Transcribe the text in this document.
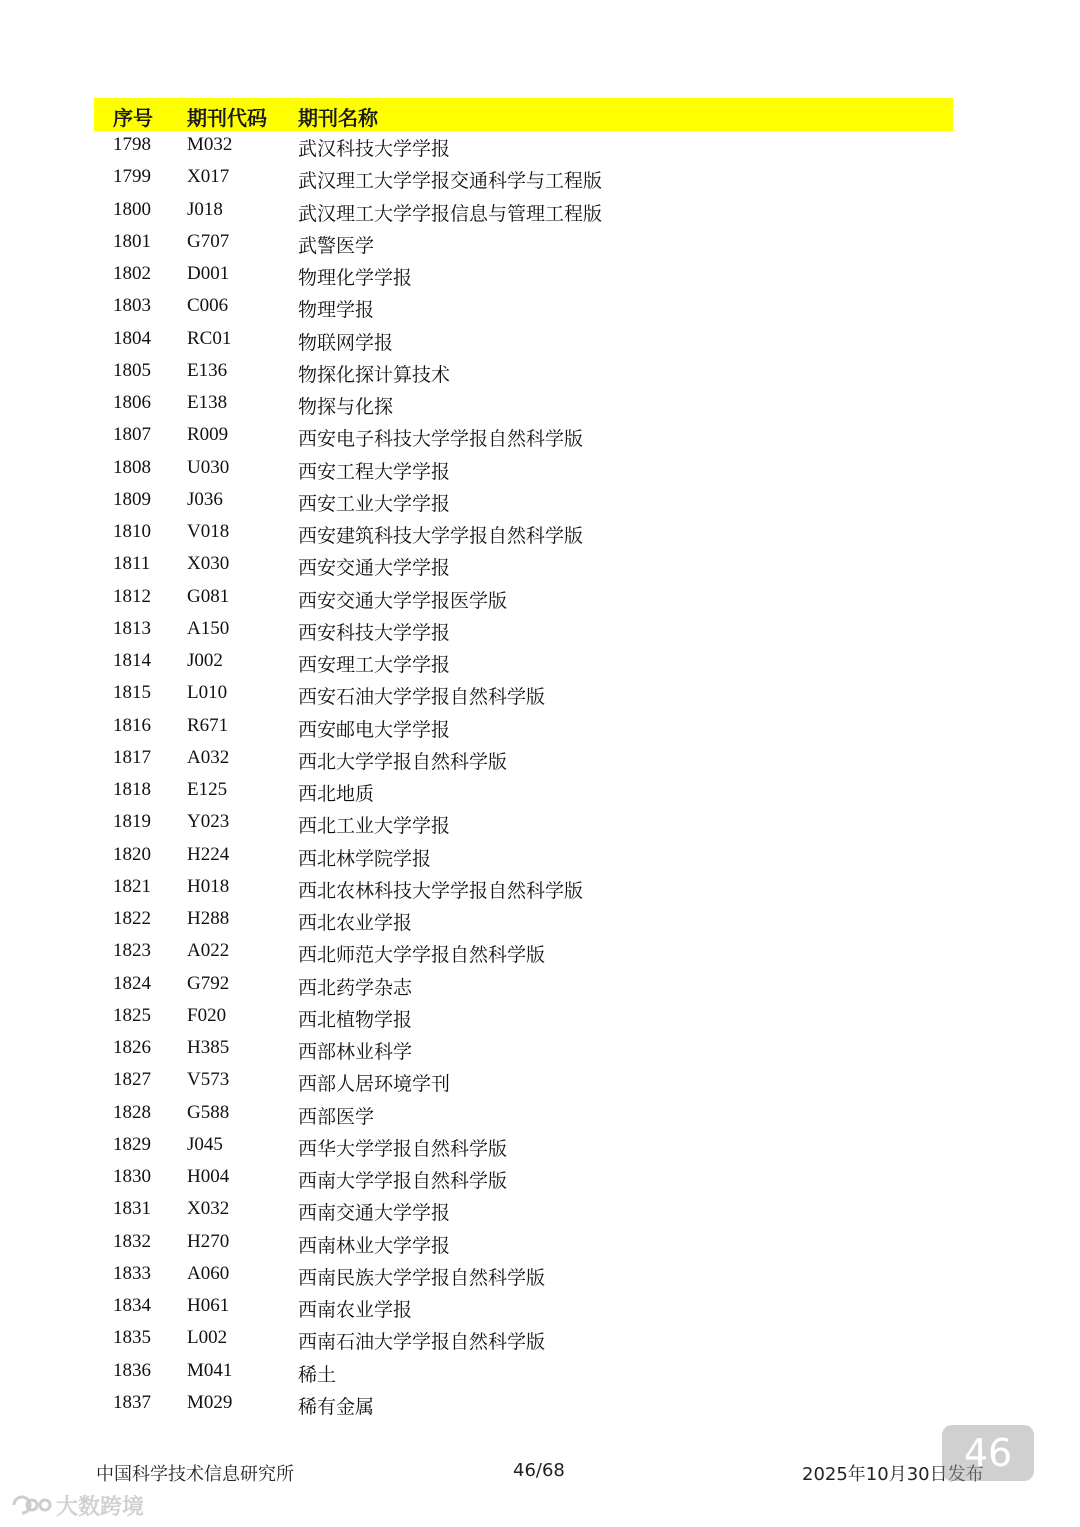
序号 期刊代码 期刊名称
1798 M032	武汉科技大学学报
1799 X017	武汉理工大学学报交通科学与工程版
1800 J018	武汉理工大学学报信息与管理工程版
1801 G707	武警医学
1802 D001	物理化学学报
1803 C006	物理学报
1804 RC01	物联网学报
1805 E136	物探化探计算技术
1806 E138	物探与化探
1807 R009	西安电子科技大学学报自然科学版
1808 U030	西安工程大学学报
1809 J036	西安工业大学学报
1810 V018	西安建筑科技大学学报自然科学版
1811 X030	西安交通大学学报
1812 G081	西安交通大学学报医学版
1813 A150	西安科技大学学报
1814 J002	西安理工大学学报
1815 L010	西安石油大学学报自然科学版
1816 R671	西安邮电大学学报
1817 A032	西北大学学报自然科学版
1818 E125	西北地质
1819 Y023	西北工业大学学报
1820 H224	西北林学院学报
1821 H018	西北农林科技大学学报自然科学版
1822 H288	西北农业学报
1823 A022	西北师范大学学报自然科学版
1824 G792	西北药学杂志
1825 F020	西北植物学报
1826 H385	西部林业科学
1827 V573	西部人居环境学刊
1828 G588	西部医学
1829 J045	西华大学学报自然科学版
1830 H004	西南大学学报自然科学版
1831 X032	西南交通大学学报
1832 H270	西南林业大学学报
1833 A060	西南民族大学学报自然科学版
1834 H061	西南农业学报
1835 L002	西南石油大学学报自然科学版
1836 M041	稀土
1837 M029	稀有金属
中国科学技术信息研究所	46/68	2025年10月30日发布
46
大数跨境
